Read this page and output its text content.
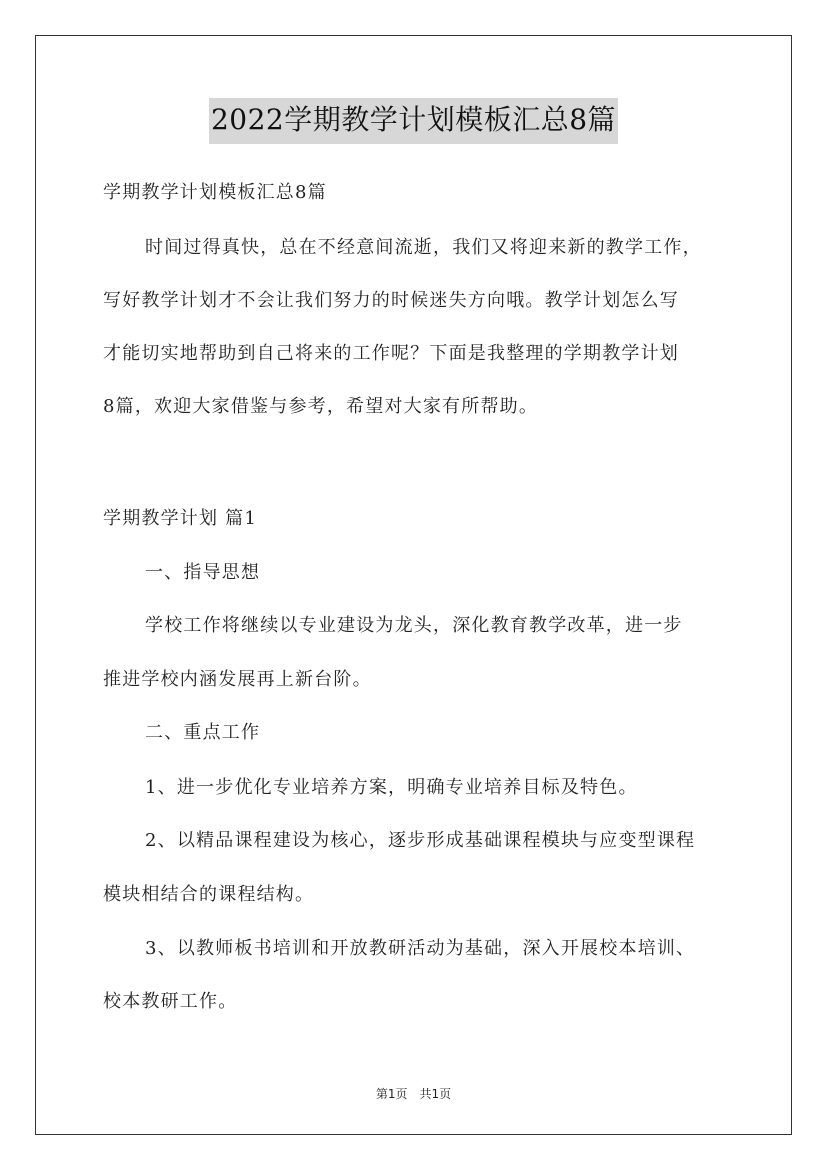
2022学期教学计划模板汇总8篇
学期教学计划模板汇总8篇
时间过得真快，总在不经意间流逝，我们又将迎来新的教学工作，
写好教学计划才不会让我们努力的时候迷失方向哦。教学计划怎么写
才能切实地帮助到自己将来的工作呢？下面是我整理的学期教学计划
8篇，欢迎大家借鉴与参考，希望对大家有所帮助。
学期教学计划 篇1
一、指导思想
学校工作将继续以专业建设为龙头，深化教育教学改革，进一步
推进学校内涵发展再上新台阶。
二、重点工作
1、进一步优化专业培养方案，明确专业培养目标及特色。
2、以精品课程建设为核心，逐步形成基础课程模块与应变型课程
模块相结合的课程结构。
3、以教师板书培训和开放教研活动为基础，深入开展校本培训、
校本教研工作。
第1页　共1页
